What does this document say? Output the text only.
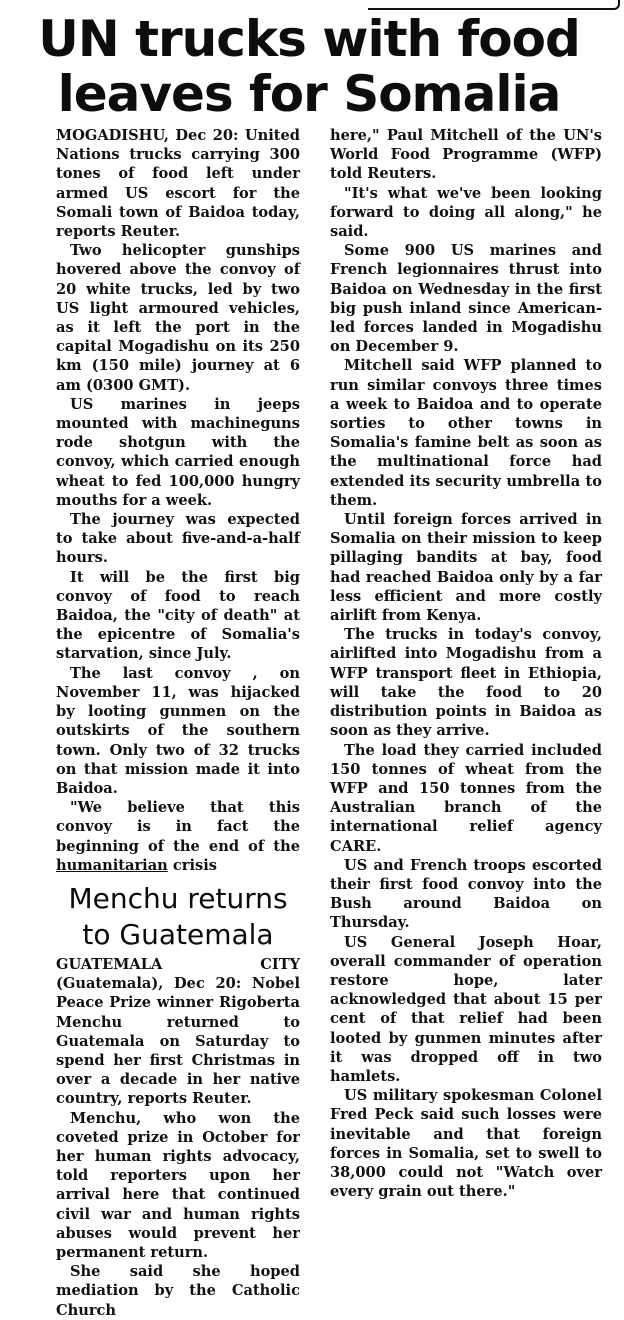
UN trucks with food leaves for Somalia

MOGADISHU, Dec 20: United Nations trucks carrying 300 tones of food left under armed US escort for the Somali town of Baidoa today, reports Reuter.

Two helicopter gunships hovered above the convoy of 20 white trucks, led by two US light armoured vehicles, as it left the port in the capital Mogadishu on its 250 km (150 mile) journey at 6 am (0300 GMT).

US marines in jeeps mounted with machineguns rode shotgun with the convoy, which carried enough wheat to fed 100,000 hungry mouths for a week.

The journey was expected to take about five-and-a-half hours.

It will be the first big convoy of food to reach Baidoa, the "city of death" at the epicentre of Somalia's starvation, since July.

The last convoy , on November 11, was hijacked by looting gunmen on the outskirts of the southern town. Only two of 32 trucks on that mission made it into Baidoa.

"We believe that this convoy is in fact the beginning of the end of the humanitarian crisis

Menchu returns to Guatemala

GUATEMALA CITY (Guatemala), Dec 20: Nobel Peace Prize winner Rigoberta Menchu returned to Guatemala on Saturday to spend her first Christmas in over a decade in her native country, reports Reuter.

Menchu, who won the coveted prize in October for her human rights advocacy, told reporters upon her arrival here that continued civil war and human rights abuses would prevent her permanent return.

She said she hoped mediation by the Catholic Church

here," Paul Mitchell of the UN's World Food Programme (WFP) told Reuters.

"It's what we've been looking forward to doing all along," he said.

Some 900 US marines and French legionnaires thrust into Baidoa on Wednesday in the first big push inland since American-led forces landed in Mogadishu on December 9.

Mitchell said WFP planned to run similar convoys three times a week to Baidoa and to operate sorties to other towns in Somalia's famine belt as soon as the multinational force had extended its security umbrella to them.

Until foreign forces arrived in Somalia on their mission to keep pillaging bandits at bay, food had reached Baidoa only by a far less efficient and more costly airlift from Kenya.

The trucks in today's convoy, airlifted into Mogadishu from a WFP transport fleet in Ethiopia, will take the food to 20 distribution points in Baidoa as soon as they arrive.

The load they carried included 150 tonnes of wheat from the WFP and 150 tonnes from the Australian branch of the international relief agency CARE.

US and French troops escorted their first food convoy into the Bush around Baidoa on Thursday.

US General Joseph Hoar, overall commander of operation restore hope, later acknowledged that about 15 per cent of that relief had been looted by gunmen minutes after it was dropped off in two hamlets.

US military spokesman Colonel Fred Peck said such losses were inevitable and that foreign forces in Somalia, set to swell to 38,000 could not "Watch over every grain out there."
